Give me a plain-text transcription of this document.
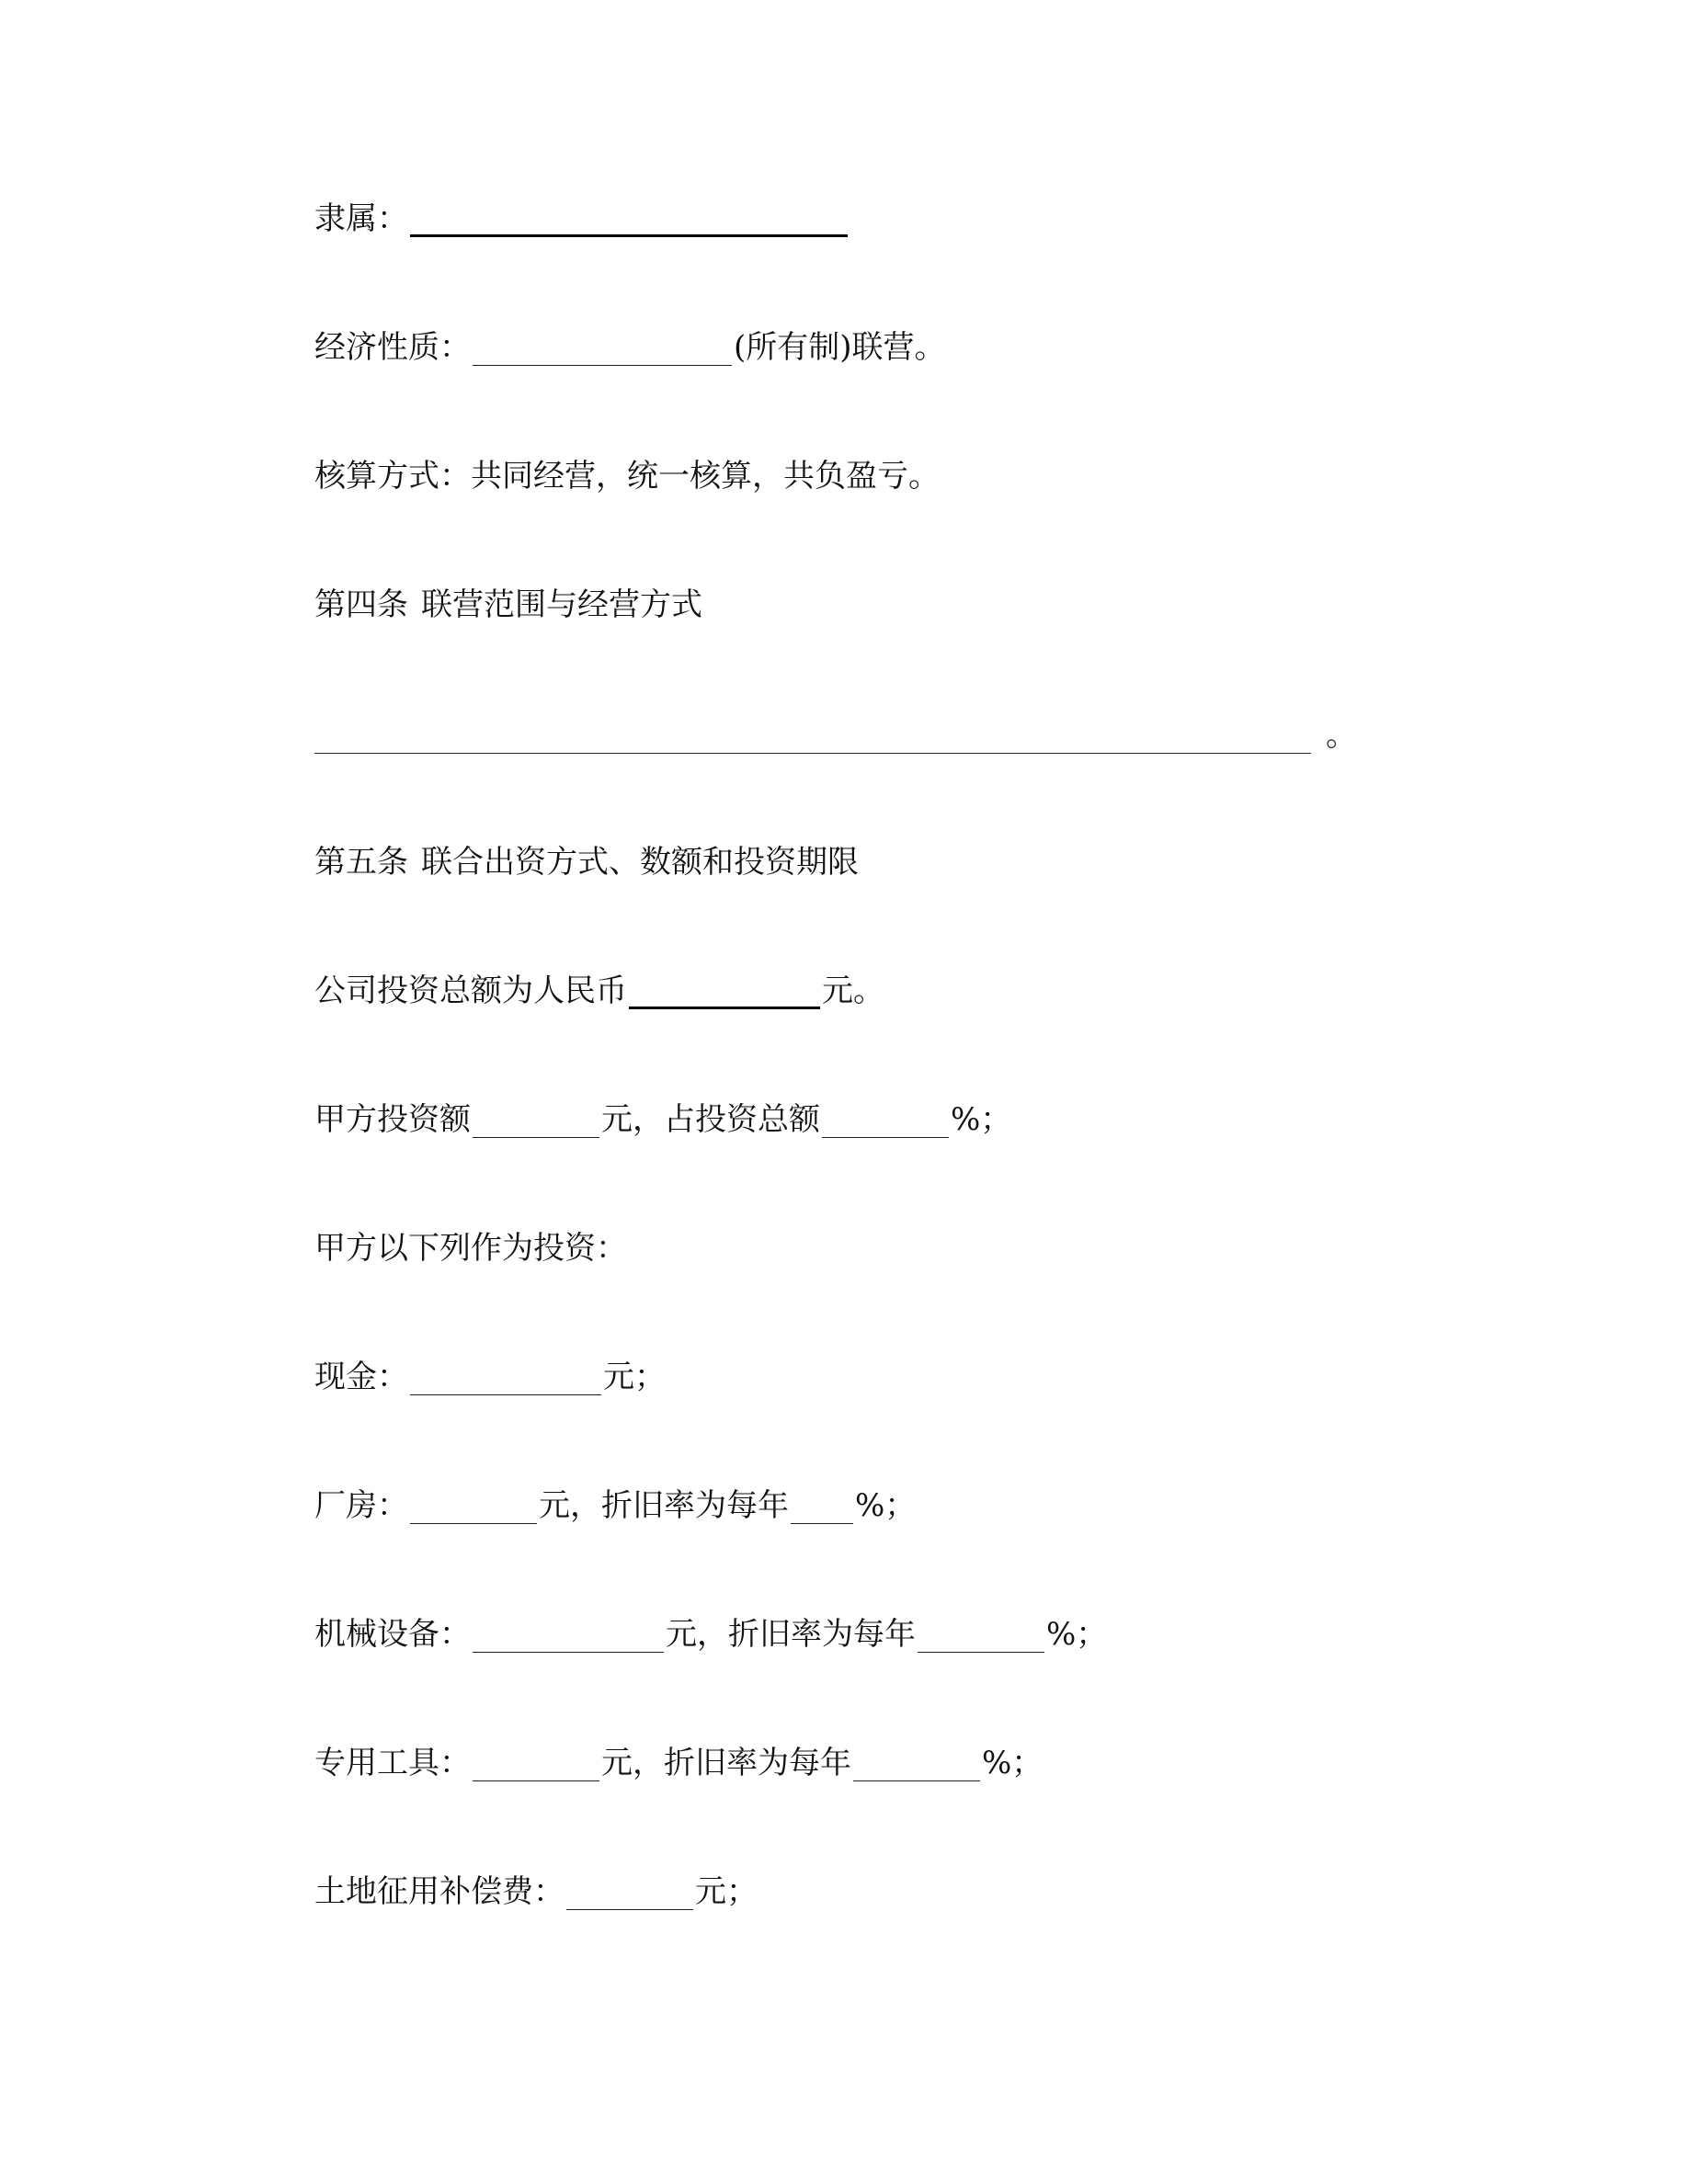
隶属：
经济性质：	(所有制)联营。
核算方式：共同经营，统一核算，共负盈亏。
第四条 联营范围与经营方式
。
第五条 联合出资方式、数额和投资期限
公司投资总额为人民币	元。
甲方投资额	元，占投资总额	%；
甲方以下列作为投资：
现金：	元；
厂房：	元，折旧率为每年 %；
机械设备：	元，折旧率为每年	%；
专用工具：	元，折旧率为每年	%；
土地征用补偿费：	元；
